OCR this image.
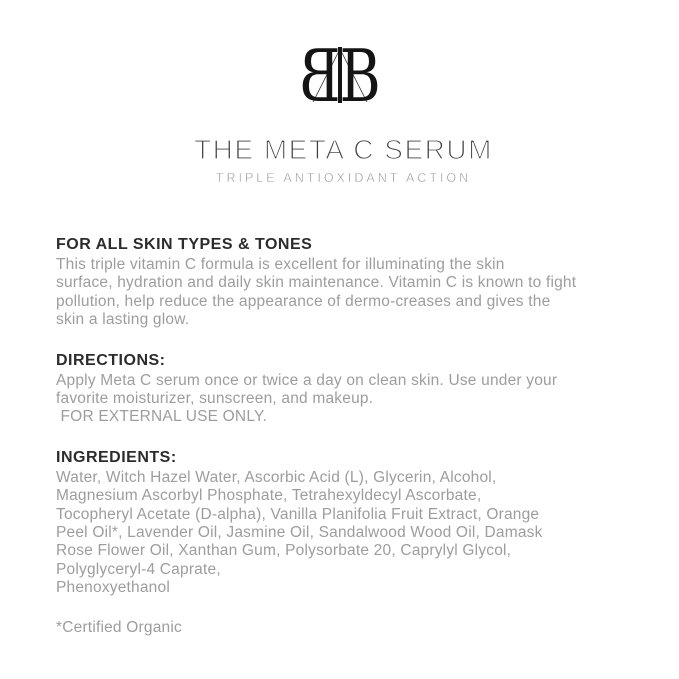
B B
THE META C SERUM
TRIPLE ANTIOXIDANT ACTION
FOR ALL SKIN TYPES & TONES
This triple vitamin C formula is excellent for illuminating the skin
surface, hydration and daily skin maintenance. Vitamin C is known to fight
pollution, help reduce the appearance of dermo-creases and gives the
skin a lasting glow.
DIRECTIONS:
Apply Meta C serum once or twice a day on clean skin. Use under your
favorite moisturizer, sunscreen, and makeup.
FOR EXTERNAL USE ONLY.
INGREDIENTS:
Water, Witch Hazel Water, Ascorbic Acid (L), Glycerin, Alcohol,
Magnesium Ascorbyl Phosphate, Tetrahexyldecyl Ascorbate,
Tocopheryl Acetate (D-alpha), Vanilla Planifolia Fruit Extract, Orange
Peel Oil*, Lavender Oil, Jasmine Oil, Sandalwood Wood Oil, Damask
Rose Flower Oil, Xanthan Gum, Polysorbate 20, Caprylyl Glycol,
Polyglyceryl-4 Caprate,
Phenoxyethanol
*Certified Organic
